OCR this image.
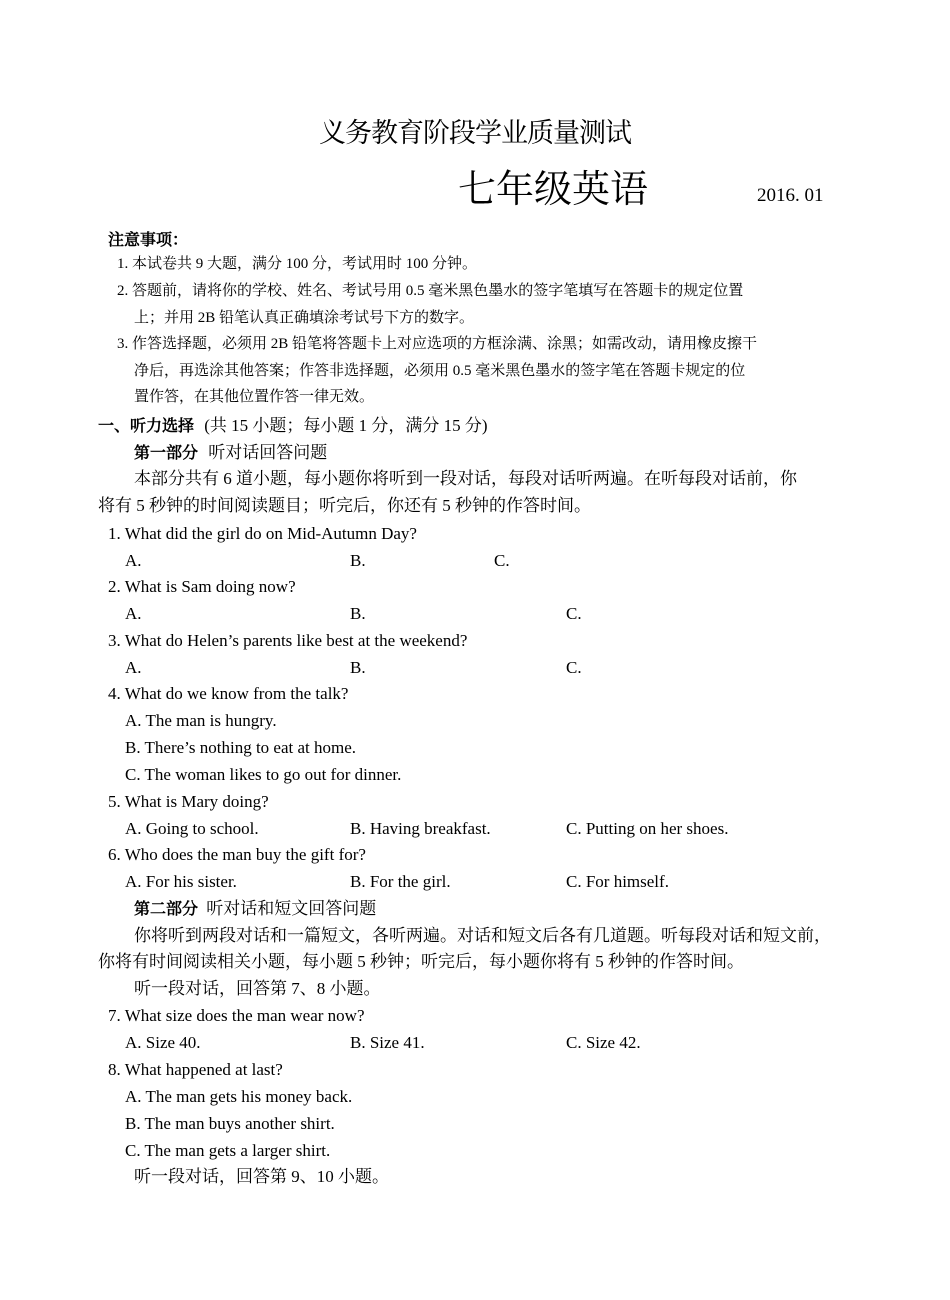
义务教育阶段学业质量测试
七年级英语	2016. 01
注意事项：
1. 本试卷共 9 大题，满分 100 分，考试用时 100 分钟。
2. 答题前，请将你的学校、姓名、考试号用 0.5 毫米黑色墨水的签字笔填写在答题卡的规定位置
上；并用 2B 铅笔认真正确填涂考试号下方的数字。
3. 作答选择题，必须用 2B 铅笔将答题卡上对应选项的方框涂满、涂黑；如需改动，请用橡皮擦干
净后，再选涂其他答案；作答非选择题，必须用 0.5 毫米黑色墨水的签字笔在答题卡规定的位
置作答，在其他位置作答一律无效。
一、听力选择 (共 15 小题；每小题 1 分，满分 15 分)
第一部分 听对话回答问题
本部分共有 6 道小题，每小题你将听到一段对话，每段对话听两遍。在听每段对话前，你
将有 5 秒钟的时间阅读题目；听完后，你还有 5 秒钟的作答时间。
1. What did the girl do on Mid-Autumn Day?
A.	B.	C.
2. What is Sam doing now?
A.	B.	C.
3. What do Helen’s parents like best at the weekend?
A.	B.	C.
4. What do we know from the talk?
A. The man is hungry.
B. There’s nothing to eat at home.
C. The woman likes to go out for dinner.
5. What is Mary doing?
A. Going to school.	B. Having breakfast.	C. Putting on her shoes.
6. Who does the man buy the gift for?
A. For his sister.	B. For the girl.	C. For himself.
第二部分 听对话和短文回答问题
你将听到两段对话和一篇短文，各听两遍。对话和短文后各有几道题。听每段对话和短文前，
你将有时间阅读相关小题，每小题 5 秒钟；听完后，每小题你将有 5 秒钟的作答时间。
听一段对话，回答第 7、8 小题。
7. What size does the man wear now?
A. Size 40.	B. Size 41.	C. Size 42.
8. What happened at last?
A. The man gets his money back.
B. The man buys another shirt.
C. The man gets a larger shirt.
听一段对话，回答第 9、10 小题。
